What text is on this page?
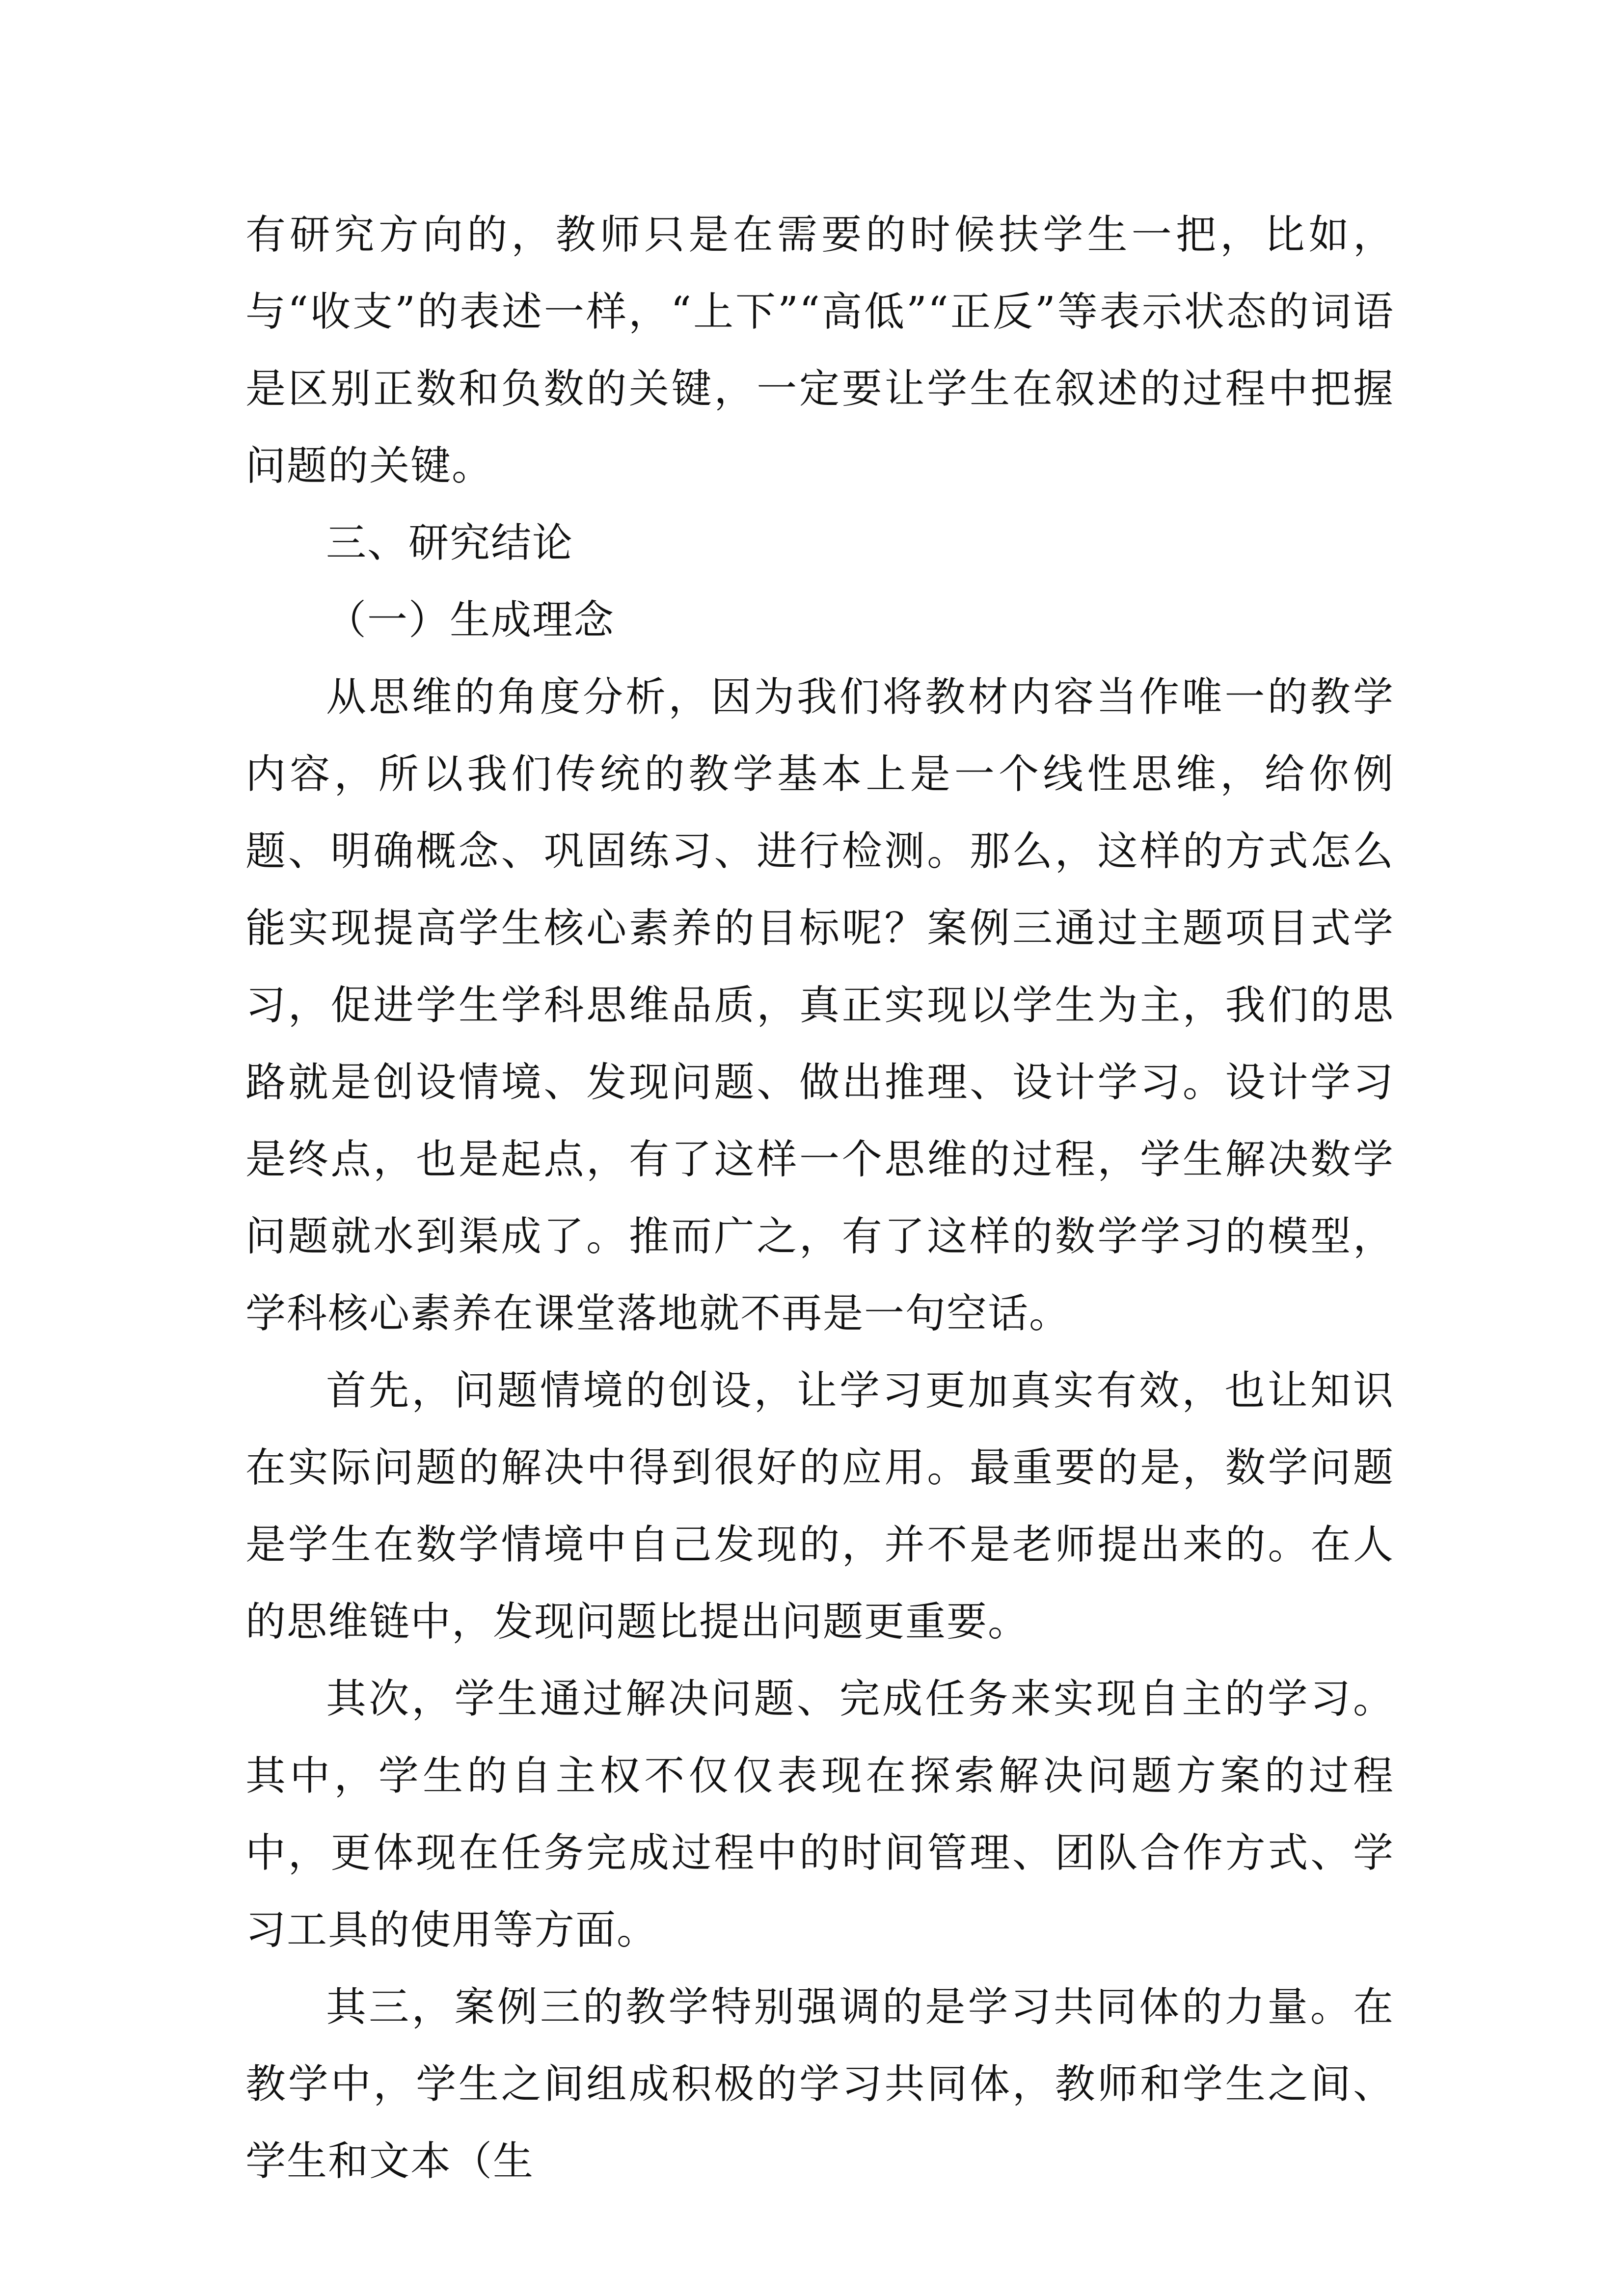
有研究方向的，教师只是在需要的时候扶学生一把，比如，与“收支”的表述一样，“上下”“高低”“正反”等表示状态的词语是区别正数和负数的关键，一定要让学生在叙述的过程中把握问题的关键。

三、研究结论

（一）生成理念

从思维的角度分析，因为我们将教材内容当作唯一的教学内容，所以我们传统的教学基本上是一个线性思维，给你例题、明确概念、巩固练习、进行检测。那么，这样的方式怎么能实现提高学生核心素养的目标呢？案例三通过主题项目式学习，促进学生学科思维品质，真正实现以学生为主，我们的思路就是创设情境、发现问题、做出推理、设计学习。设计学习是终点，也是起点，有了这样一个思维的过程，学生解决数学问题就水到渠成了。推而广之，有了这样的数学学习的模型，学科核心素养在课堂落地就不再是一句空话。

首先，问题情境的创设，让学习更加真实有效，也让知识在实际问题的解决中得到很好的应用。最重要的是，数学问题是学生在数学情境中自己发现的，并不是老师提出来的。在人的思维链中，发现问题比提出问题更重要。

其次，学生通过解决问题、完成任务来实现自主的学习。其中，学生的自主权不仅仅表现在探索解决问题方案的过程中，更体现在任务完成过程中的时间管理、团队合作方式、学习工具的使用等方面。

其三，案例三的教学特别强调的是学习共同体的力量。在教学中，学生之间组成积极的学习共同体，教师和学生之间、学生和文本（生
